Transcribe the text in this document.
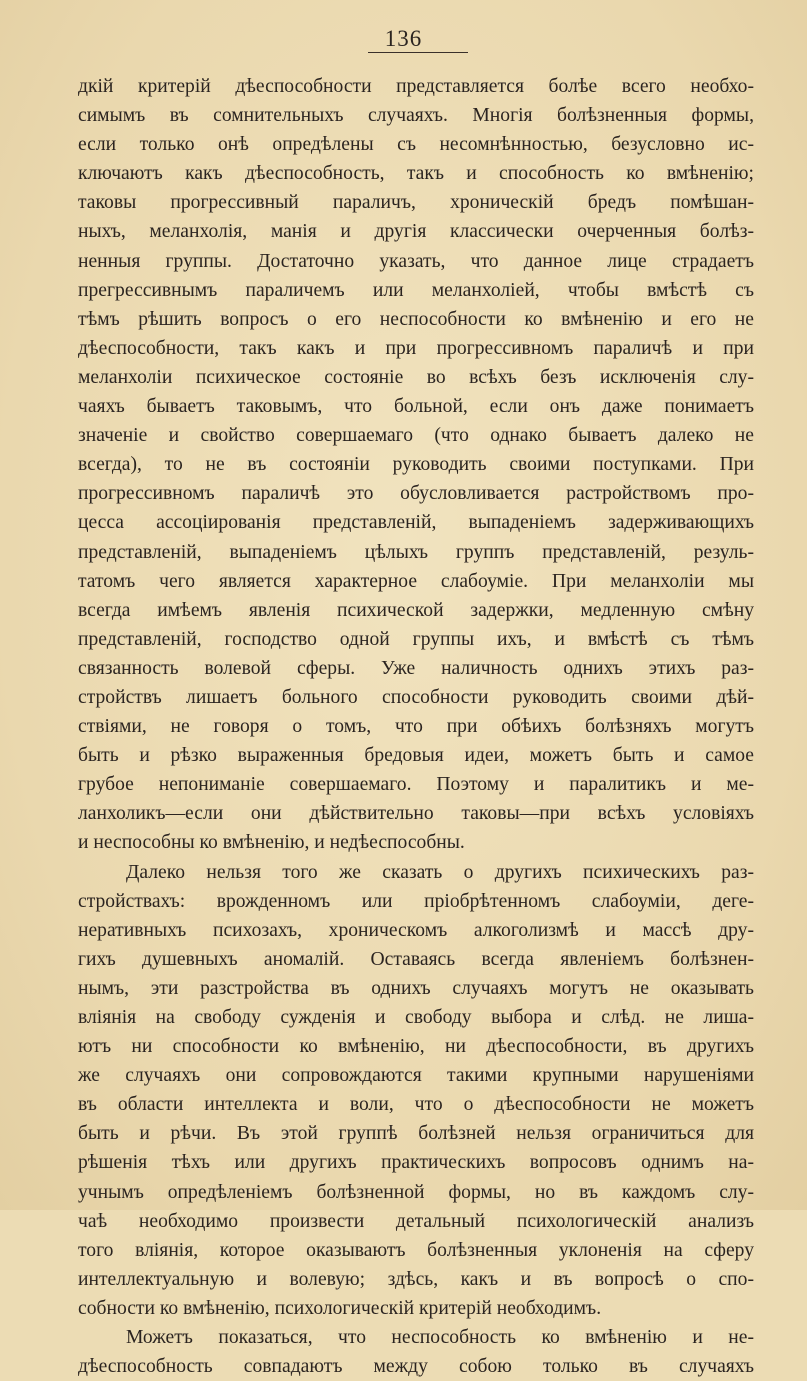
136
дкій критерій дѣеспособности представляется болѣе всего необхо-
симымъ въ сомнительныхъ случаяхъ. Многія болѣзненныя формы,
если только онѣ опредѣлены съ несомнѣнностью, безусловно ис-
ключаютъ какъ дѣеспособность, такъ и способность ко вмѣненію;
таковы прогрессивный параличъ, хроническій бредъ помѣшан-
ныхъ, меланхолія, манія и другія классически очерченныя болѣз-
ненныя группы. Достаточно указать, что данное лице страдаетъ
прегрессивнымъ параличемъ или меланхоліей, чтобы вмѣстѣ съ
тѣмъ рѣшить вопросъ о его неспособности ко вмѣненію и его не
дѣеспособности, такъ какъ и при прогрессивномъ параличѣ и при
меланхоліи психическое состояніе во всѣхъ безъ исключенія слу-
чаяхъ бываетъ таковымъ, что больной, если онъ даже понимаетъ
значеніе и свойство совершаемаго (что однако бываетъ далеко не
всегда), то не въ состояніи руководить своими поступками. При
прогрессивномъ параличѣ это обусловливается растройствомъ про-
цесса ассоціированія представленій, выпаденіемъ задерживающихъ
представленій, выпаденіемъ цѣлыхъ группъ представленій, резуль-
татомъ чего является характерное слабоуміе. При меланхоліи мы
всегда имѣемъ явленія психической задержки, медленную смѣну
представленій, господство одной группы ихъ, и вмѣстѣ съ тѣмъ
связанность волевой сферы. Уже наличность однихъ этихъ раз-
стройствъ лишаетъ больного способности руководить своими дѣй-
ствіями, не говоря о томъ, что при обѣихъ болѣзняхъ могутъ
быть и рѣзко выраженныя бредовыя идеи, можетъ быть и самое
грубое непониманіе совершаемаго. Поэтому и паралитикъ и ме-
ланхоликъ—если они дѣйствительно таковы—при всѣхъ условіяхъ
и неспособны ко вмѣненію, и недѣеспособны.
Далеко нельзя того же сказать о другихъ психическихъ раз-
стройствахъ: врожденномъ или пріобрѣтенномъ слабоуміи, деге-
неративныхъ психозахъ, хроническомъ алкоголизмѣ и массѣ дру-
гихъ душевныхъ аномалій. Оставаясь всегда явленіемъ болѣзнен-
нымъ, эти разстройства въ однихъ случаяхъ могутъ не оказывать
вліянія на свободу сужденія и свободу выбора и слѣд. не лиша-
ютъ ни способности ко вмѣненію, ни дѣеспособности, въ другихъ
же случаяхъ они сопровождаются такими крупными нарушеніями
въ области интеллекта и воли, что о дѣеспособности не можетъ
быть и рѣчи. Въ этой группѣ болѣзней нельзя ограничиться для
рѣшенія тѣхъ или другихъ практическихъ вопросовъ однимъ на-
учнымъ опредѣленіемъ болѣзненной формы, но въ каждомъ слу-
чаѣ необходимо произвести детальный психологическій анализъ
того вліянія, которое оказываютъ болѣзненныя уклоненія на сферу
интеллектуальную и волевую; здѣсь, какъ и въ вопросѣ о спо-
собности ко вмѣненію, психологическій критерій необходимъ.
Можетъ показаться, что неспособность ко вмѣненію и не-
дѣеспособность совпадаютъ между собою только въ случаяхъ
